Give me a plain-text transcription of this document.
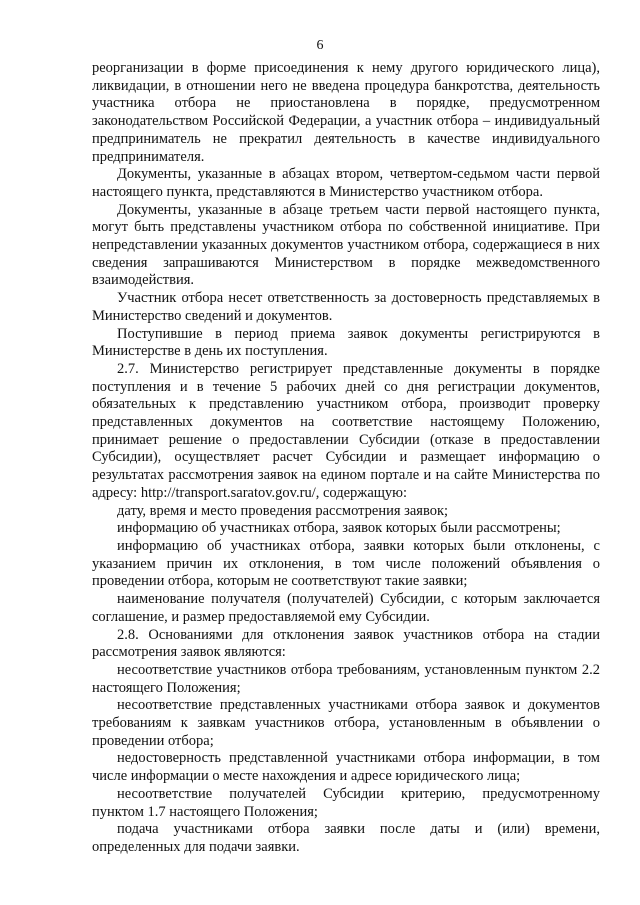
6

реорганизации в форме присоединения к нему другого юридического лица), ликвидации, в отношении него не введена процедура банкротства, деятельность участника отбора не приостановлена в порядке, предусмотренном законодательством Российской Федерации, а участник отбора – индивидуальный предприниматель не прекратил деятельность в качестве индивидуального предпринимателя.

Документы, указанные в абзацах втором, четвертом-седьмом части первой настоящего пункта, представляются в Министерство участником отбора.

Документы, указанные в абзаце третьем части первой настоящего пункта, могут быть представлены участником отбора по собственной инициативе. При непредставлении указанных документов участником отбора, содержащиеся в них сведения запрашиваются Министерством в порядке межведомственного взаимодействия.

Участник отбора несет ответственность за достоверность представляемых в Министерство сведений и документов.

Поступившие в период приема заявок документы регистрируются в Министерстве в день их поступления.

2.7. Министерство регистрирует представленные документы в порядке поступления и в течение 5 рабочих дней со дня регистрации документов, обязательных к представлению участником отбора, производит проверку представленных документов на соответствие настоящему Положению, принимает решение о предоставлении Субсидии (отказе в предоставлении Субсидии), осуществляет расчет Субсидии и размещает информацию о результатах рассмотрения заявок на едином портале и на сайте Министерства по адресу: http://transport.saratov.gov.ru/, содержащую:

дату, время и место проведения рассмотрения заявок;

информацию об участниках отбора, заявок которых были рассмотрены;

информацию об участниках отбора, заявки которых были отклонены, с указанием причин их отклонения, в том числе положений объявления о проведении отбора, которым не соответствуют такие заявки;

наименование получателя (получателей) Субсидии, с которым заключается соглашение, и размер предоставляемой ему Субсидии.

2.8. Основаниями для отклонения заявок участников отбора на стадии рассмотрения заявок являются:

несоответствие участников отбора требованиям, установленным пунктом 2.2 настоящего Положения;

несоответствие представленных участниками отбора заявок и документов требованиям к заявкам участников отбора, установленным в объявлении о проведении отбора;

недостоверность представленной участниками отбора информации, в том числе информации о месте нахождения и адресе юридического лица;

несоответствие получателей Субсидии критерию, предусмотренному пунктом 1.7 настоящего Положения;

подача участниками отбора заявки после даты и (или) времени, определенных для подачи заявки.
